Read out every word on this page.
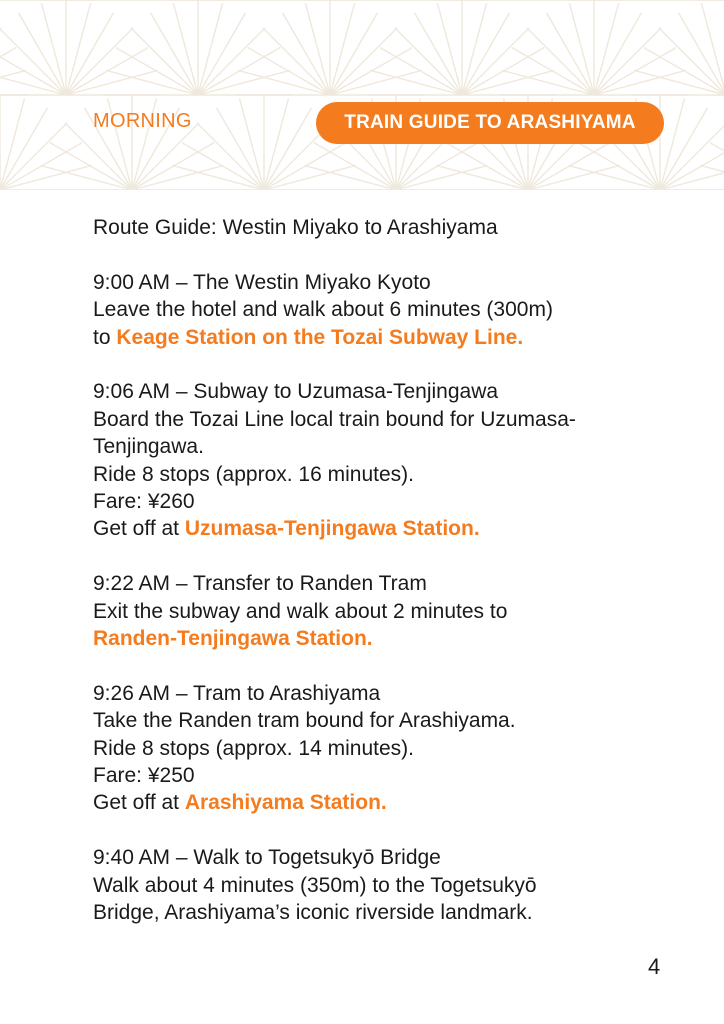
MORNING	TRAIN GUIDE TO ARASHIYAMA

Route Guide: Westin Miyako to Arashiyama

9:00 AM – The Westin Miyako Kyoto

Leave the hotel and walk about 6 minutes (300m)

to Keage Station on the Tozai Subway Line.

9:06 AM – Subway to Uzumasa-Tenjingawa

Board the Tozai Line local train bound for Uzumasa-

Tenjingawa.

Ride 8 stops (approx. 16 minutes).

Fare: ¥260

Get off at Uzumasa-Tenjingawa Station.

9:22 AM – Transfer to Randen Tram

Exit the subway and walk about 2 minutes to

Randen-Tenjingawa Station.

9:26 AM – Tram to Arashiyama

Take the Randen tram bound for Arashiyama.

Ride 8 stops (approx. 14 minutes).

Fare: ¥250

Get off at Arashiyama Station.

9:40 AM – Walk to Togetsukyō Bridge

Walk about 4 minutes (350m) to the Togetsukyō

Bridge, Arashiyama’s iconic riverside landmark.

4
